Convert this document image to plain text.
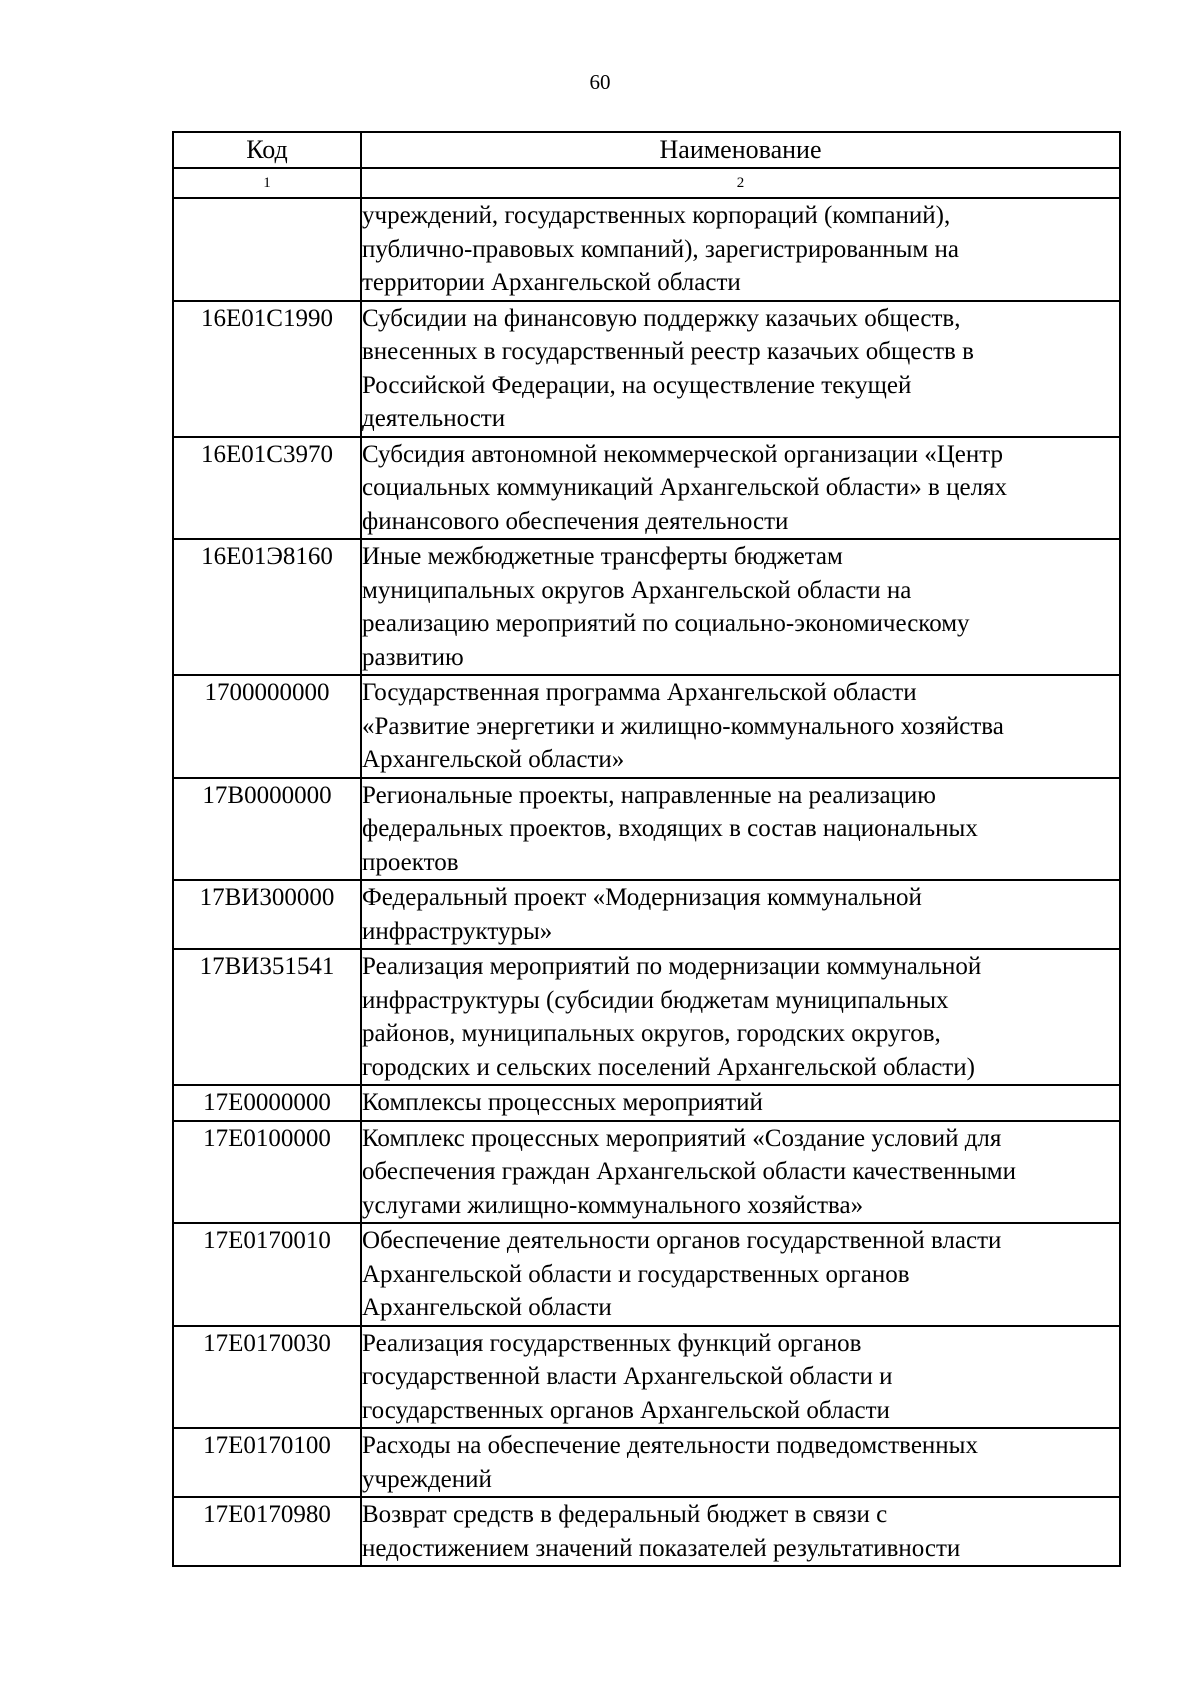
60
Код	Наименование
1	2

	учреждений, государственных корпораций (компаний),
публично-правовых компаний), зарегистрированным на
территории Архангельской области

16Е01С1990	Субсидии на финансовую поддержку казачьих обществ,
внесенных в государственный реестр казачьих обществ в
Российской Федерации, на осуществление текущей
деятельности

16Е01С3970	Субсидия автономной некоммерческой организации «Центр
социальных коммуникаций Архангельской области» в целях
финансового обеспечения деятельности

16Е01Э8160	Иные межбюджетные трансферты бюджетам
муниципальных округов Архангельской области на
реализацию мероприятий по социально-экономическому
развитию

1700000000	Государственная программа Архангельской области
«Развитие энергетики и жилищно-коммунального хозяйства
Архангельской области»

17В0000000	Региональные проекты, направленные на реализацию
федеральных проектов, входящих в состав национальных
проектов

17ВИ300000	Федеральный проект «Модернизация коммунальной
инфраструктуры»

17ВИ351541	Реализация мероприятий по модернизации коммунальной
инфраструктуры (субсидии бюджетам муниципальных
районов, муниципальных округов, городских округов,
городских и сельских поселений Архангельской области)

17Е0000000	Комплексы процессных мероприятий

17Е0100000	Комплекс процессных мероприятий «Создание условий для
обеспечения граждан Архангельской области качественными
услугами жилищно-коммунального хозяйства»

17Е0170010	Обеспечение деятельности органов государственной власти
Архангельской области и государственных органов
Архангельской области

17Е0170030	Реализация государственных функций органов
государственной власти Архангельской области и
государственных органов Архангельской области

17Е0170100	Расходы на обеспечение деятельности подведомственных
учреждений

17Е0170980	Возврат средств в федеральный бюджет в связи с
недостижением значений показателей результативности
